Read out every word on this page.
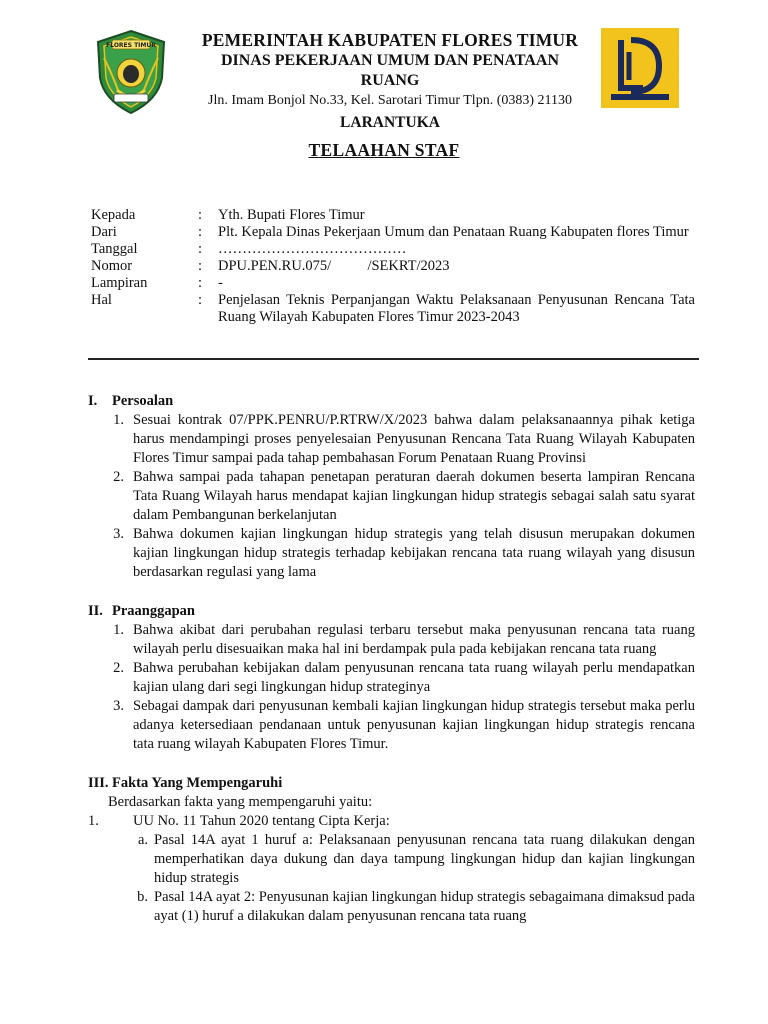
FLORES TIMUR	PEMERINTAH KABUPATEN FLORES TIMUR
DINAS PEKERJAAN UMUM DAN PENATAAN RUANG
Jln. Imam Bonjol No.33, Kel. Sarotari Timur Tlpn. (0383) 21130
LARANTUKA
TELAAHAN STAF
Kepada	:	Yth. Bupati Flores Timur
Dari	:	Plt. Kepala Dinas Pekerjaan Umum dan Penataan Ruang Kabupaten flores Timur
Tanggal	:	…………………………………
Nomor	:	DPU.PEN.RU.075/	/SEKRT/2023
Lampiran	:	-
Hal	:	Penjelasan Teknis Perpanjangan Waktu Pelaksanaan Penyusunan Rencana Tata Ruang Wilayah Kabupaten Flores Timur 2023-2043
I.	Persoalan
1. Sesuai kontrak 07/PPK.PENRU/P.RTRW/X/2023 bahwa dalam pelaksanaannya pihak ketiga harus mendampingi proses penyelesaian Penyusunan Rencana Tata Ruang Wilayah Kabupaten Flores Timur sampai pada tahap pembahasan Forum Penataan Ruang Provinsi
2. Bahwa sampai pada tahapan penetapan peraturan daerah dokumen beserta lampiran Rencana Tata Ruang Wilayah harus mendapat kajian lingkungan hidup strategis sebagai salah satu syarat dalam Pembangunan berkelanjutan
3. Bahwa dokumen kajian lingkungan hidup strategis yang telah disusun merupakan dokumen kajian lingkungan hidup strategis terhadap kebijakan rencana tata ruang wilayah yang disusun berdasarkan regulasi yang lama
II. Praanggapan
1. Bahwa akibat dari perubahan regulasi terbaru tersebut maka penyusunan rencana tata ruang wilayah perlu disesuaikan maka hal ini berdampak pula pada kebijakan rencana tata ruang
2. Bahwa perubahan kebijakan dalam penyusunan rencana tata ruang wilayah perlu mendapatkan kajian ulang dari segi lingkungan hidup strateginya
3. Sebagai dampak dari penyusunan kembali kajian lingkungan hidup strategis tersebut maka perlu adanya ketersediaan pendanaan untuk penyusunan kajian lingkungan hidup strategis rencana tata ruang wilayah Kabupaten Flores Timur.
III. Fakta Yang Mempengaruhi
Berdasarkan fakta yang mempengaruhi yaitu:
1.	UU No. 11 Tahun 2020 tentang Cipta Kerja:
a. Pasal 14A ayat 1 huruf a: Pelaksanaan penyusunan rencana tata ruang dilakukan dengan memperhatikan daya dukung dan daya tampung lingkungan hidup dan kajian lingkungan hidup strategis
b. Pasal 14A ayat 2: Penyusunan kajian lingkungan hidup strategis sebagaimana dimaksud pada ayat (1) huruf a dilakukan dalam penyusunan rencana tata ruang
